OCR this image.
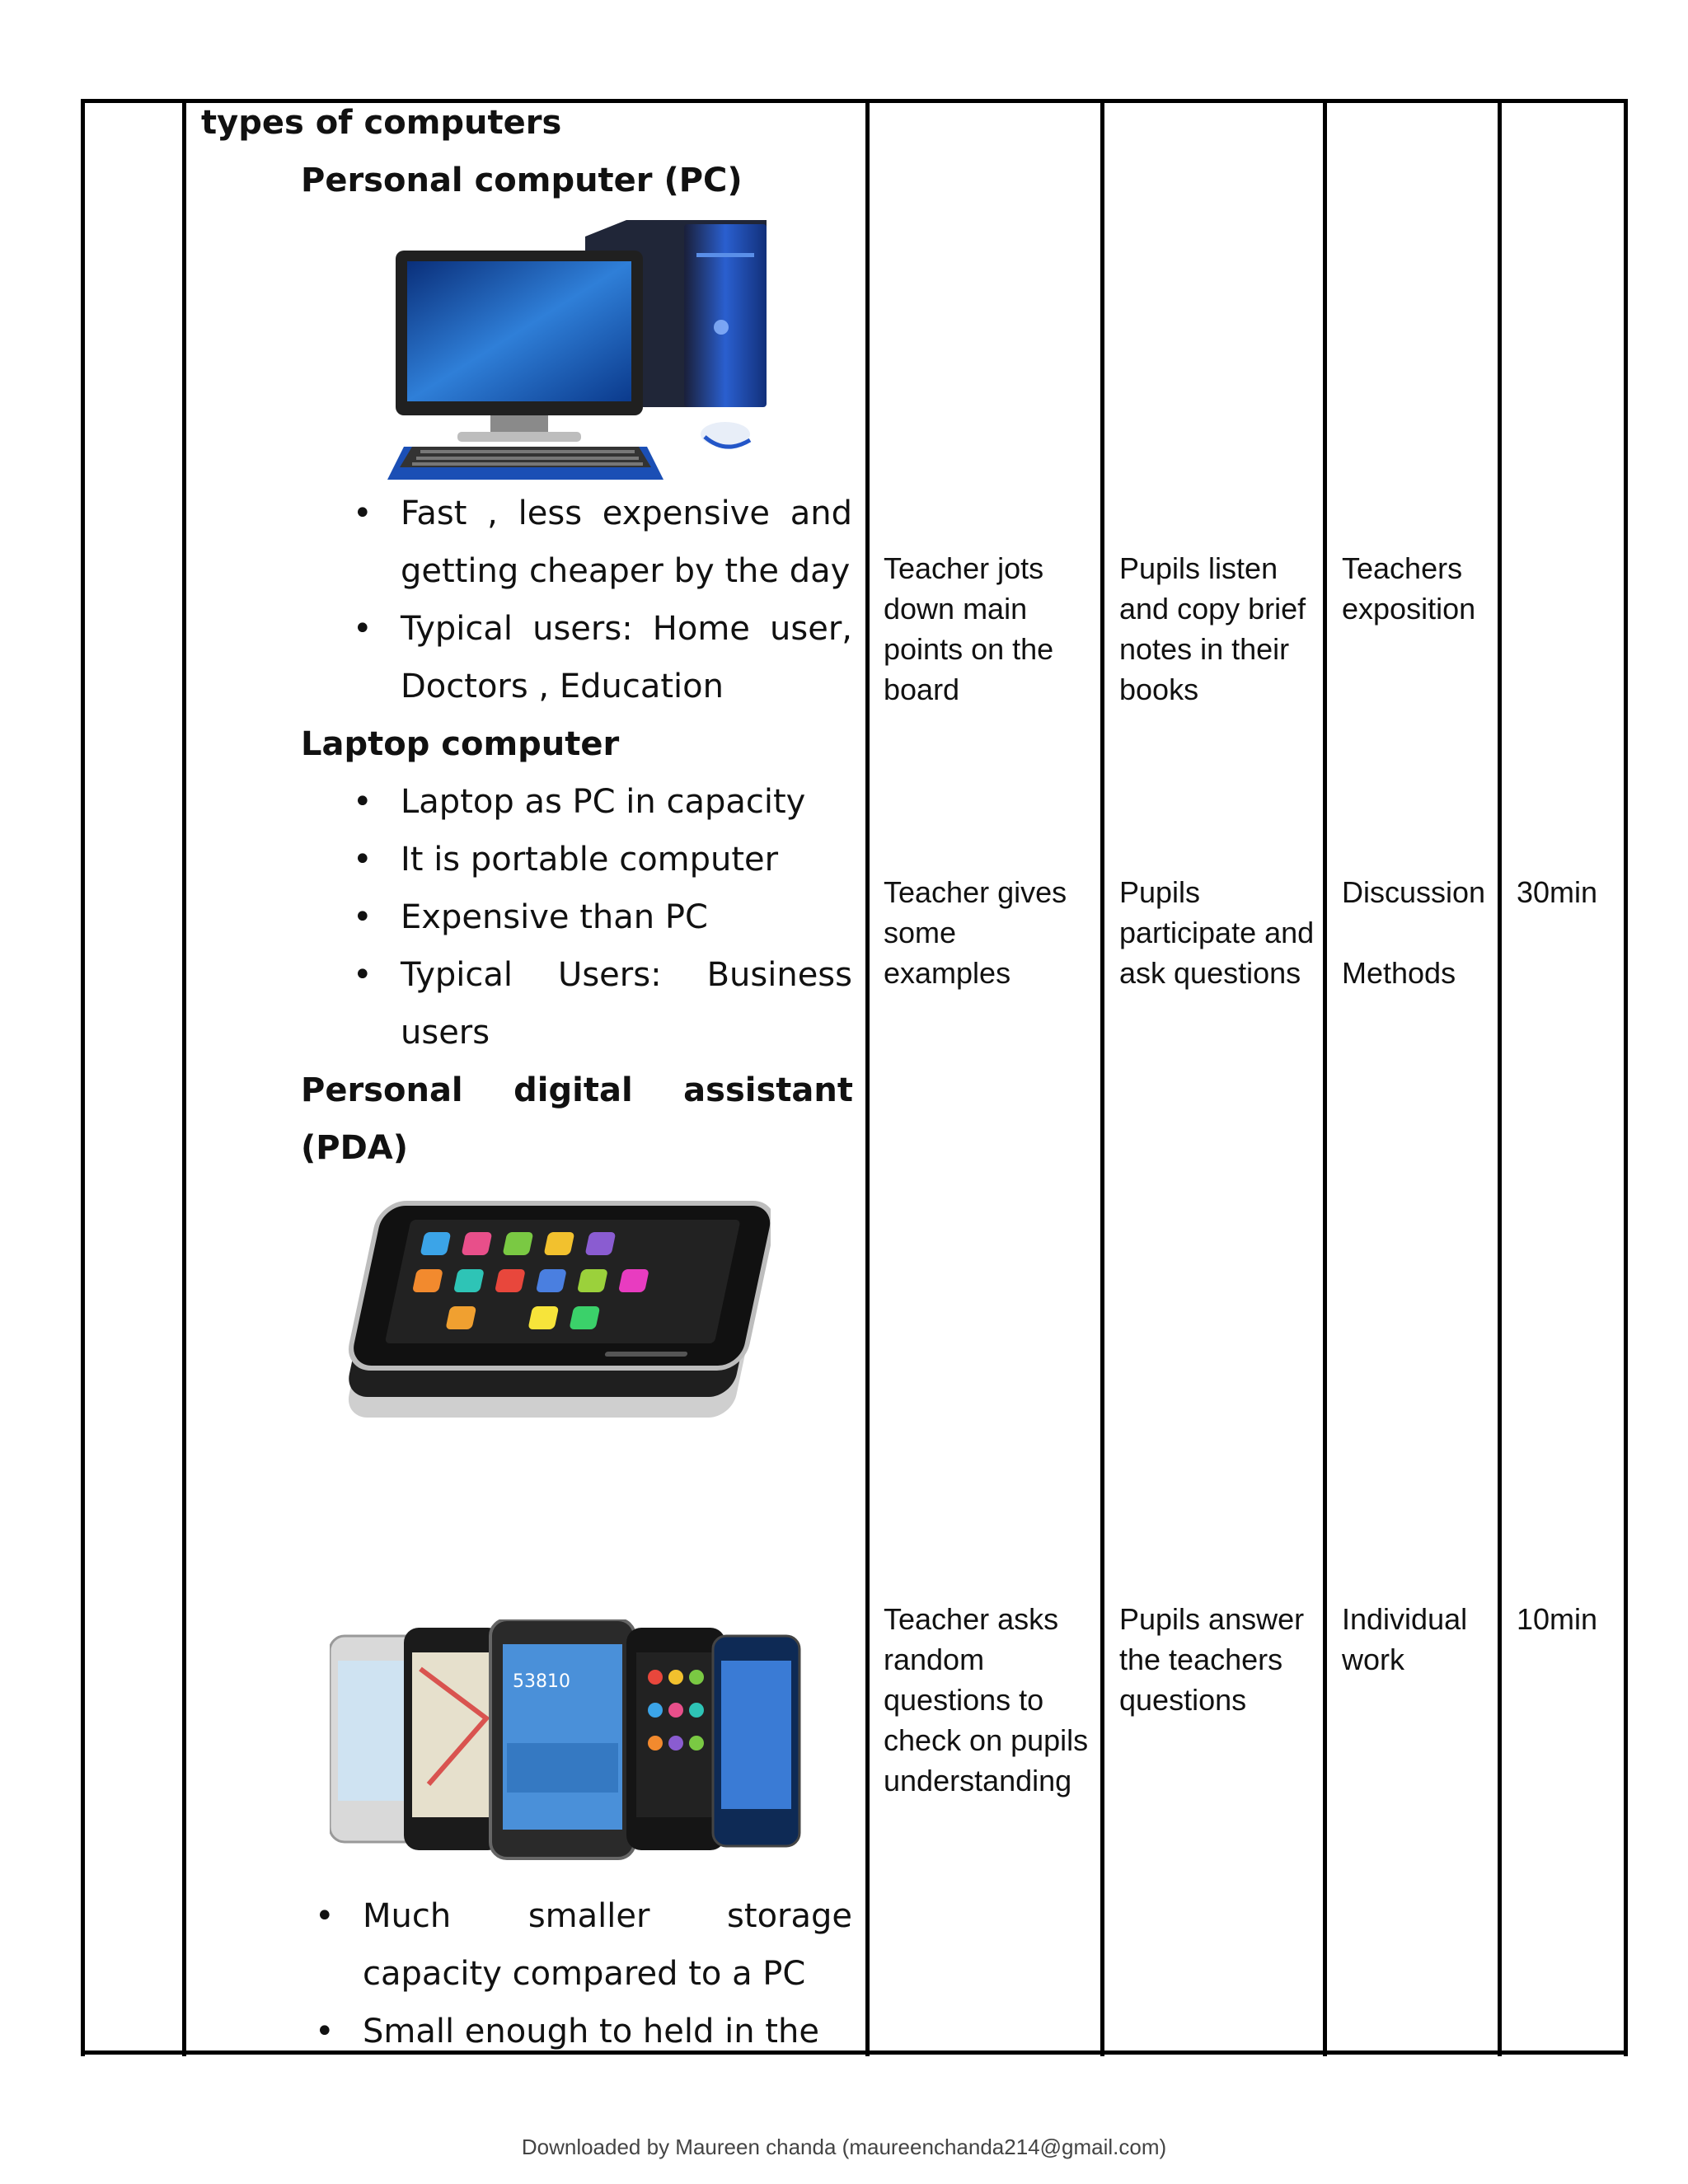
types of computers

Personal computer (PC)

• Fast , less expensive and getting cheaper by the day
• Typical users: Home user, Doctors , Education

Laptop computer

• Laptop as PC in capacity
• It is portable computer
• Expensive than PC
• Typical Users: Business users

Personal digital assistant (PDA)

53810
• Much smaller storage capacity compared to a PC
• Small enough to held in the
Teacher jots down main points on the board
Pupils listen and copy brief notes in their books
Teachers exposition
Teacher gives some examples
Pupils participate and ask questions
Discussion
Methods
30min
Teacher asks random questions to check on pupils understanding
Pupils answer the teachers questions
Individual work
10min
Downloaded by Maureen chanda (maureenchanda214@gmail.com)
